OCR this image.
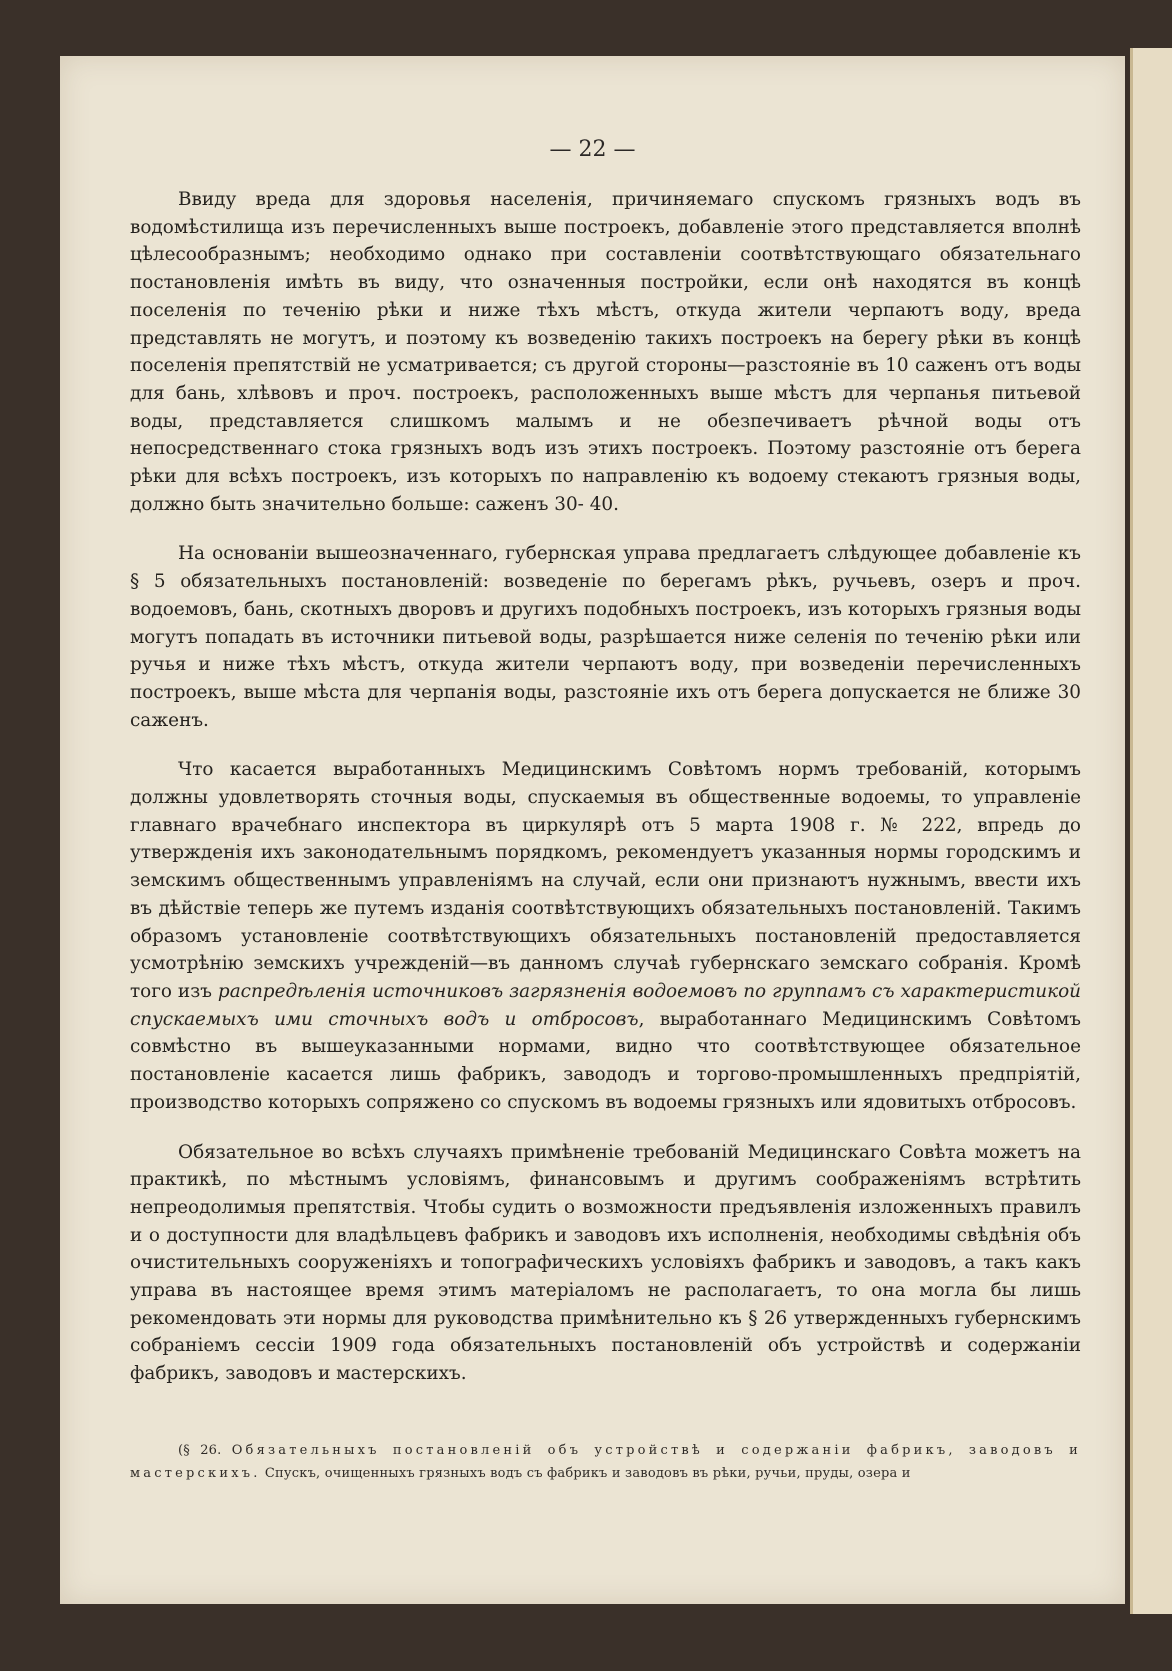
— 22 —

Ввиду вреда для здоровья населенія, причиняемаго спускомъ грязныхъ водъ въ водомѣстилища изъ перечисленныхъ выше построекъ, добавленіе этого представляется вполнѣ цѣлесообразнымъ; необходимо однако при составленіи соотвѣтствующаго обязательнаго постановленія имѣть въ виду, что означенныя постройки, если онѣ находятся въ концѣ поселенія по теченію рѣки и ниже тѣхъ мѣстъ, откуда жители черпаютъ воду, вреда представлять не могутъ, и поэтому къ возведенію такихъ построекъ на берегу рѣки въ концѣ поселенія препятствій не усматривается; съ другой стороны—разстояніе въ 10 саженъ отъ воды для бань, хлѣвовъ и проч. построекъ, расположенныхъ выше мѣстъ для черпанья питьевой воды, представляется слишкомъ малымъ и не обезпечиваетъ рѣчной воды отъ непосредственнаго стока грязныхъ водъ изъ этихъ построекъ. Поэтому разстояніе отъ берега рѣки для всѣхъ построекъ, изъ которыхъ по направленію къ водоему стекаютъ грязныя воды, должно быть значительно больше: саженъ 30- 40.

На основаніи вышеозначеннаго, губернская управа предлагаетъ слѣдующее добавленіе къ § 5 обязательныхъ постановленій: возведеніе по берегамъ рѣкъ, ручьевъ, озеръ и проч. водоемовъ, бань, скотныхъ дворовъ и другихъ подобныхъ построекъ, изъ которыхъ грязныя воды могутъ попадать въ источники питьевой воды, разрѣшается ниже селенія по теченію рѣки или ручья и ниже тѣхъ мѣстъ, откуда жители черпаютъ воду, при возведеніи перечисленныхъ построекъ, выше мѣста для черпанія воды, разстояніе ихъ отъ берега допускается не ближе 30 саженъ.

Что касается выработанныхъ Медицинскимъ Совѣтомъ нормъ требованій, которымъ должны удовлетворять сточныя воды, спускаемыя въ общественные водоемы, то управленіе главнаго врачебнаго инспектора въ циркулярѣ отъ 5 марта 1908 г. № 222, впредь до утвержденія ихъ законодательнымъ порядкомъ, рекомендуетъ указанныя нормы городскимъ и земскимъ общественнымъ управленіямъ на случай, если они признаютъ нужнымъ, ввести ихъ въ дѣйствіе теперь же путемъ изданія соотвѣтствующихъ обязательныхъ постановленій. Такимъ образомъ установленіе соотвѣтствующихъ обязательныхъ постановленій предоставляется усмотрѣнію земскихъ учрежденій—въ данномъ случаѣ губернскаго земскаго собранія. Кромѣ того изъ распредѣленія источниковъ загрязненія водоемовъ по группамъ съ характеристикой спускаемыхъ ими сточныхъ водъ и отбросовъ, выработаннаго Медицинскимъ Совѣтомъ совмѣстно въ вышеуказанными нормами, видно что соотвѣтствующее обязательное постановленіе касается лишь фабрикъ, завододъ и торгово-промышленныхъ предпріятій, производство которыхъ сопряжено со спускомъ въ водоемы грязныхъ или ядовитыхъ отбросовъ.

Обязательное во всѣхъ случаяхъ примѣненіе требованій Медицинскаго Совѣта можетъ на практикѣ, по мѣстнымъ условіямъ, финансовымъ и другимъ соображеніямъ встрѣтить непреодолимыя препятствія. Чтобы судить о возможности предъявленія изложенныхъ правилъ и о доступности для владѣльцевъ фабрикъ и заводовъ ихъ исполненія, необходимы свѣдѣнія объ очистительныхъ сооруженіяхъ и топографическихъ условіяхъ фабрикъ и заводовъ, а такъ какъ управа въ настоящее время этимъ матеріаломъ не располагаетъ, то она могла бы лишь рекомендовать эти нормы для руководства примѣнительно къ § 26 утвержденныхъ губернскимъ собраніемъ сессіи 1909 года обязательныхъ постановленій объ устройствѣ и содержаніи фабрикъ, заводовъ и мастерскихъ.

(§ 26. Обязательныхъ постановленій объ устройствѣ и содержаніи фабрикъ, заводовъ и мастерскихъ. Спускъ, очищенныхъ грязныхъ водъ съ фабрикъ и заводовъ въ рѣки, ручьи, пруды, озера и
